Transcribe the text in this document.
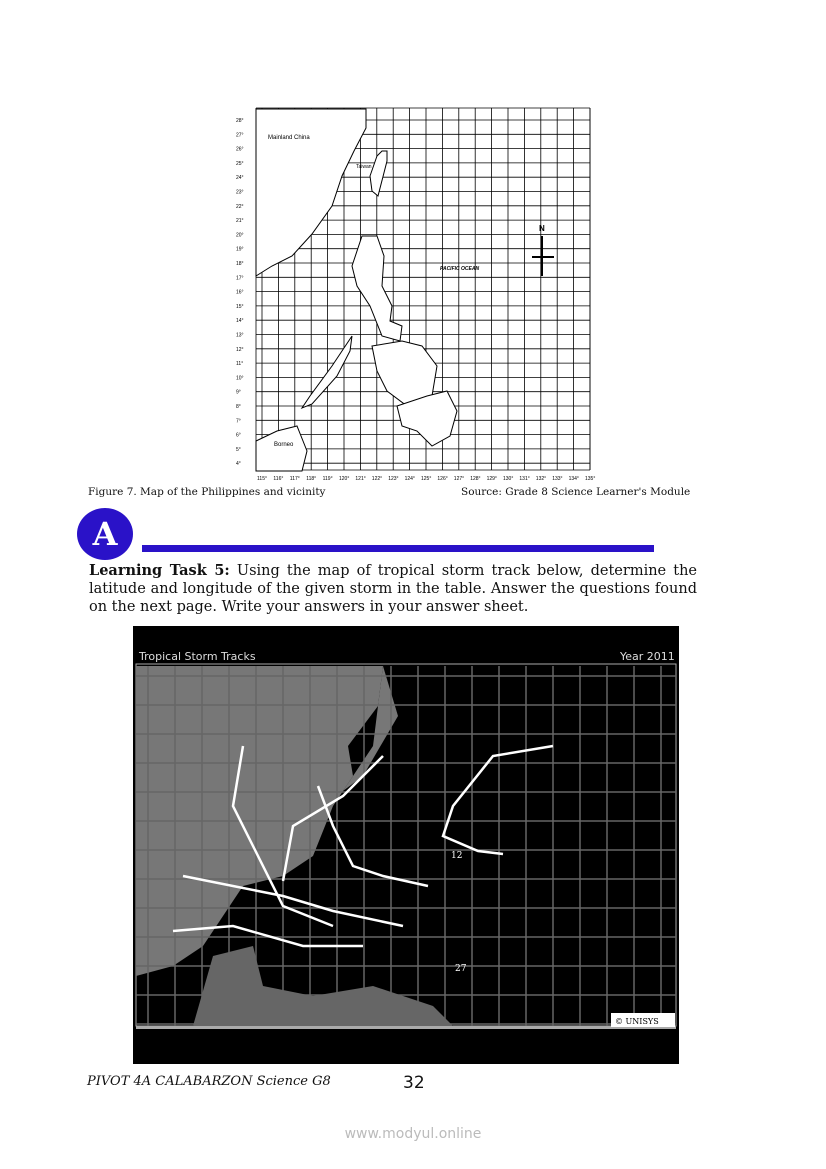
Mainland China
Taiwan
PACIFIC OCEAN
Borneo
N
28°
27°
26°
25°
24°
23°
22°
21°
20°
19°
18°
17°
16°
15°
14°
13°
12°
11°
10°
9°
8°
7°
6°
5°
4°
115° 116° 117° 118° 119° 120° 121° 122° 123° 124° 125° 126° 127° 128° 129° 130° 131° 132° 133° 134° 135°
Figure 7. Map of the Philippines and vicinity	Source: Grade 8 Science Learner's Module
A
Learning Task 5: Using the map of tropical storm track below, determine the latitude and longitude of the given storm in the table. Answer the questions found on the next page. Write your answers in your answer sheet.
12
27
© UNISYS
Tropical Storm Tracks	Year 2011
PIVOT 4A CALABARZON Science G8	32
www.modyul.online
